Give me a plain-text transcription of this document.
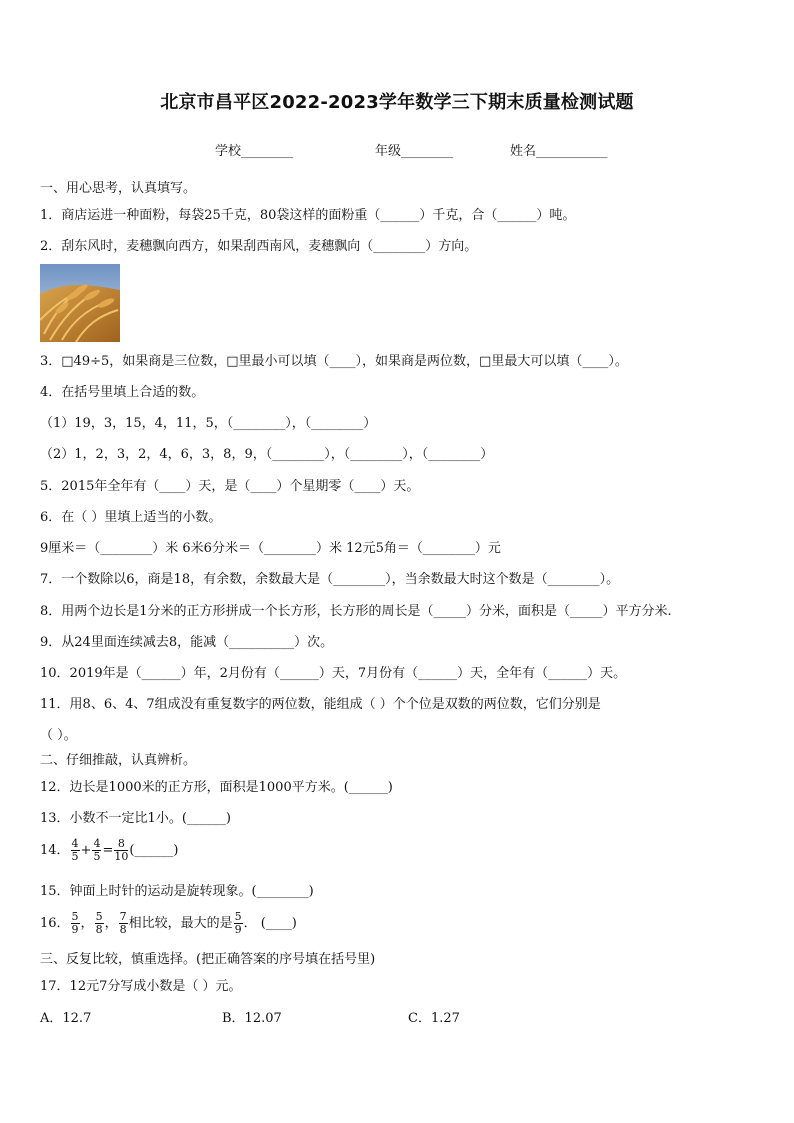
北京市昌平区2022-2023学年数学三下期末质量检测试题
学校________	年级________	姓名___________
一、用心思考，认真填写。
1．商店运进一种面粉，每袋25千克，80袋这样的面粉重（______）千克，合（______）吨。
2．刮东风时，麦穗飘向西方，如果刮西南风，麦穗飘向（________）方向。
3．□49÷5，如果商是三位数，□里最小可以填（____），如果商是两位数，□里最大可以填（____）。
4．在括号里填上合适的数。
（1）19，3，15，4，11，5，（________），（________）
（2）1，2，3，2，4，6，3，8，9，（________），（________），（________）
5．2015年全年有（____）天，是（____）个星期零（____）天。
6．在（ ）里填上适当的小数。
9厘米＝（________）米 6米6分米＝（________）米 12元5角＝（________）元
7．一个数除以6，商是18，有余数，余数最大是（________），当余数最大时这个数是（________）。
8．用两个边长是1分米的正方形拼成一个长方形，长方形的周长是（_____）分米，面积是（_____）平方分米.
9．从24里面连续减去8，能减（__________）次。
10．2019年是（______）年，2月份有（______）天，7月份有（______）天，全年有（______）天。
11．用8、6、4、7组成没有重复数字的两位数，能组成（ ）个个位是双数的两位数，它们分别是
（ ）。
二、仔细推敲，认真辨析。
12．边长是1000米的正方形，面积是1000平方米。(______)
13．小数不一定比1小。(______)
14． $\frac{4}{5} + \frac{4}{5} = \frac{8}{10}$ (______)
15．钟面上时针的运动是旋转现象。(________)
16． $\frac{5}{9}$ ， $\frac{5}{8}$ ， $\frac{7}{8}$ 相比较，最大的是 $\frac{5}{9}$ ． (____)
三、反复比较，慎重选择。(把正确答案的序号填在括号里)
17．12元7分写成小数是（ ）元。
A．12.7	B．12.07	C．1.27
